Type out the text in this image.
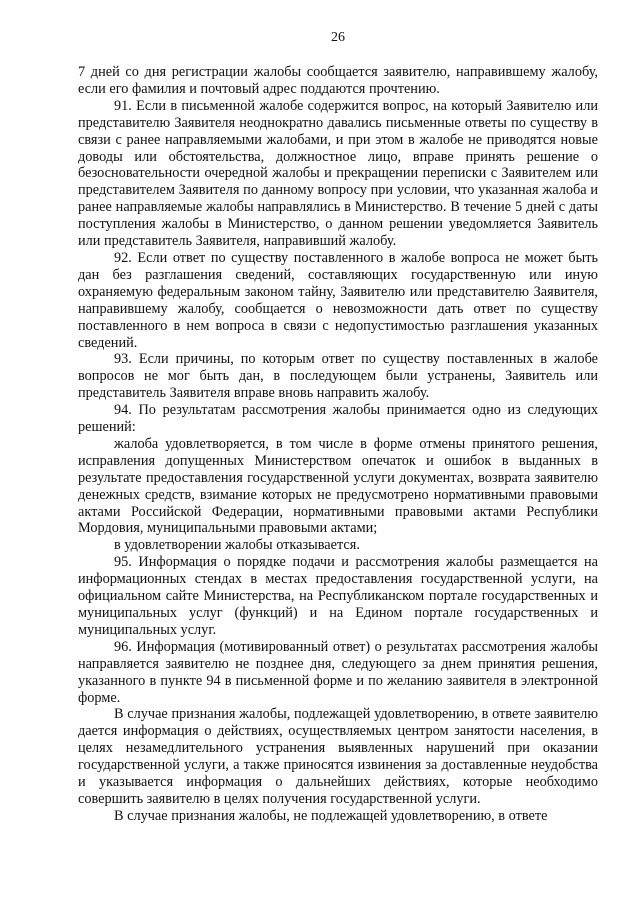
26

7 дней со дня регистрации жалобы сообщается заявителю, направившему жалобу, если его фамилия и почтовый адрес поддаются прочтению.

91. Если в письменной жалобе содержится вопрос, на который Заявителю или представителю Заявителя неоднократно давались письменные ответы по существу в связи с ранее направляемыми жалобами, и при этом в жалобе не приводятся новые доводы или обстоятельства, должностное лицо, вправе принять решение о безосновательности очередной жалобы и прекращении переписки с Заявителем или представителем Заявителя по данному вопросу при условии, что указанная жалоба и ранее направляемые жалобы направлялись в Министерство. В течение 5 дней с даты поступления жалобы в Министерство, о данном решении уведомляется Заявитель или представитель Заявителя, направивший жалобу.

92. Если ответ по существу поставленного в жалобе вопроса не может быть дан без разглашения сведений, составляющих государственную или иную охраняемую федеральным законом тайну, Заявителю или представителю Заявителя, направившему жалобу, сообщается о невозможности дать ответ по существу поставленного в нем вопроса в связи с недопустимостью разглашения указанных сведений.

93. Если причины, по которым ответ по существу поставленных в жалобе вопросов не мог быть дан, в последующем были устранены, Заявитель или представитель Заявителя вправе вновь направить жалобу.

94. По результатам рассмотрения жалобы принимается одно из следующих решений:

жалоба удовлетворяется, в том числе в форме отмены принятого решения, исправления допущенных Министерством опечаток и ошибок в выданных в результате предоставления государственной услуги документах, возврата заявителю денежных средств, взимание которых не предусмотрено нормативными правовыми актами Российской Федерации, нормативными правовыми актами Республики Мордовия, муниципальными правовыми актами;

в удовлетворении жалобы отказывается.

95. Информация о порядке подачи и рассмотрения жалобы размещается на информационных стендах в местах предоставления государственной услуги, на официальном сайте Министерства, на Республиканском портале государственных и муниципальных услуг (функций) и на Едином портале государственных и муниципальных услуг.

96. Информация (мотивированный ответ) о результатах рассмотрения жалобы направляется заявителю не позднее дня, следующего за днем принятия решения, указанного в пункте 94 в письменной форме и по желанию заявителя в электронной форме.

В случае признания жалобы, подлежащей удовлетворению, в ответе заявителю дается информация о действиях, осуществляемых центром занятости населения, в целях незамедлительного устранения выявленных нарушений при оказании государственной услуги, а также приносятся извинения за доставленные неудобства и указывается информация о дальнейших действиях, которые необходимо совершить заявителю в целях получения государственной услуги.

В случае признания жалобы, не подлежащей удовлетворению, в ответе
